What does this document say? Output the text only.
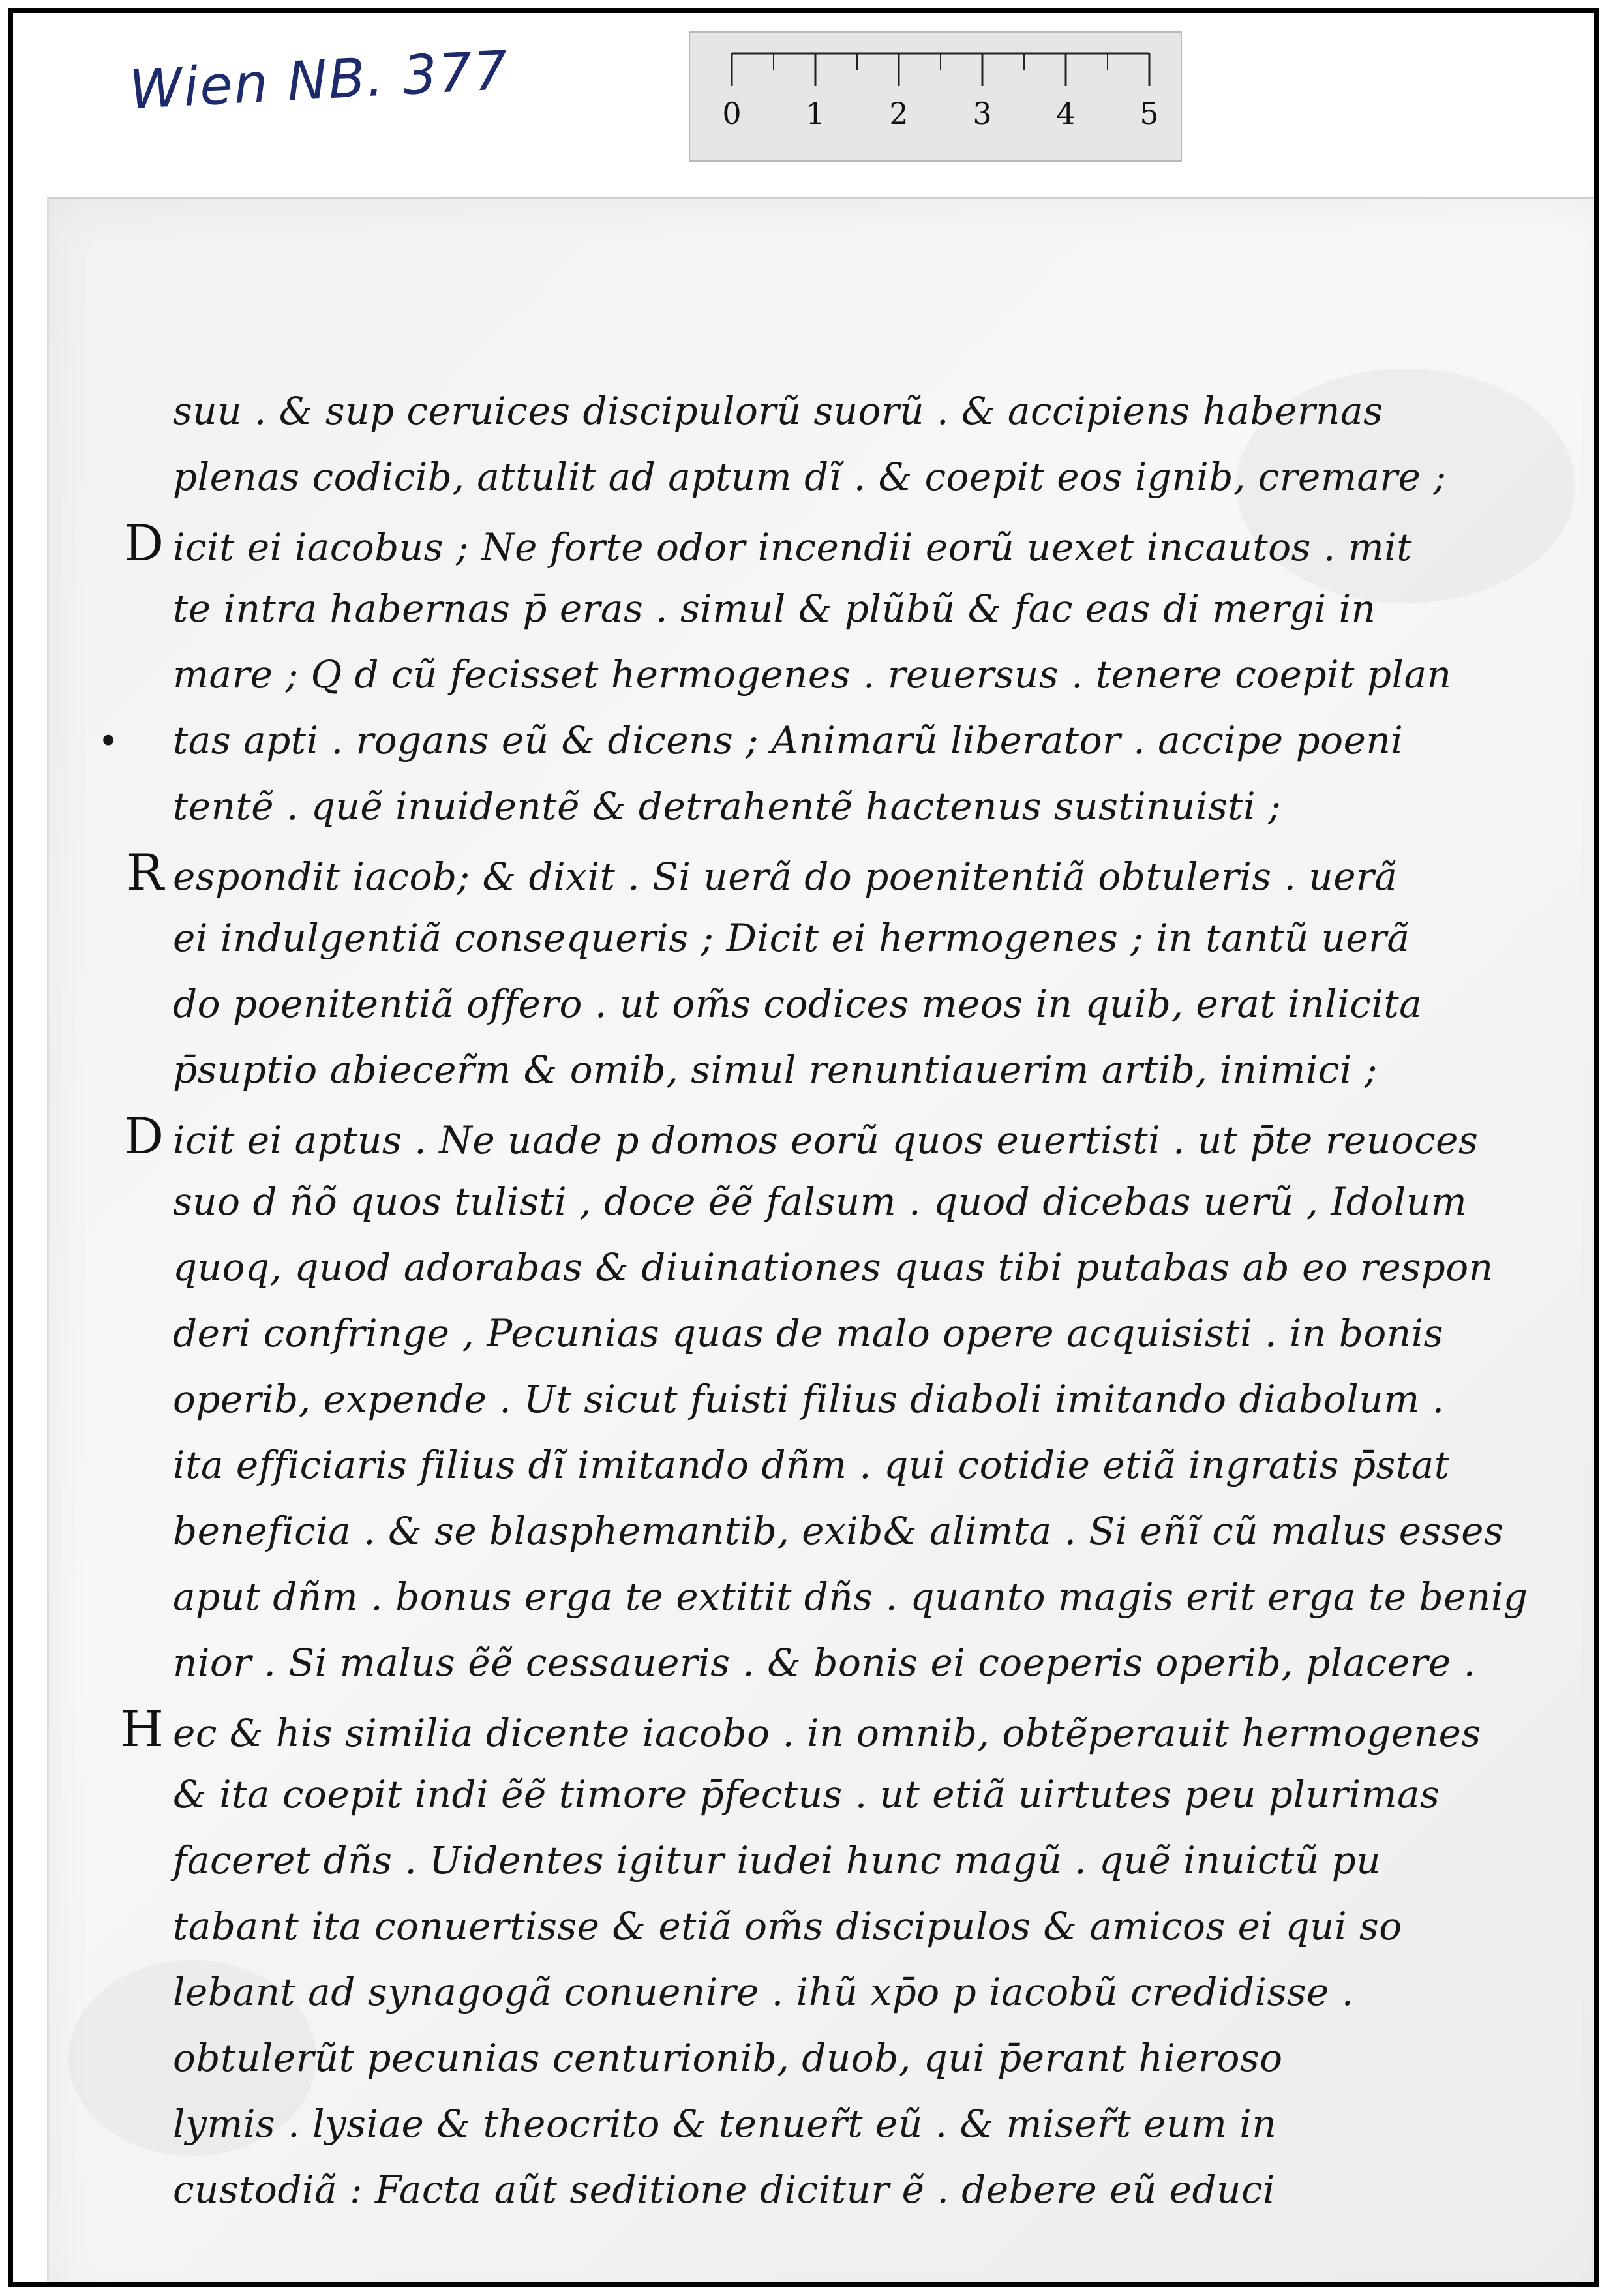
Wien NB. 377	0 1 2 3 4 5
suu . & sup ceruices discipulorũ suorũ . & accipiens habernas
plenas codicib, attulit ad aptum dĩ . & coepit eos ignib, cremare ;
D icit ei iacobus ; Ne forte odor incendii eorũ uexet incautos . mit
te intra habernas p̄ eras . simul & plũbũ & fac eas di mergi in
mare ; Q d cũ fecisset hermogenes . reuersus . tenere coepit plan
• tas apti . rogans eũ & dicens ; Animarũ liberator . accipe poeni
tentẽ . quẽ inuidentẽ & detrahentẽ hactenus sustinuisti ;
R espondit iacob; & dixit . Si uerã do poenitentiã obtuleris . uerã
ei indulgentiã consequeris ; Dicit ei hermogenes ; in tantũ uerã
do poenitentiã offero . ut om̃s codices meos in quib, erat inlicita
p̄suptio abiecer̃m & omib, simul renuntiauerim artib, inimici ;
D icit ei aptus . Ne uade p domos eorũ quos euertisti . ut p̄te reuoces
suo d ñõ quos tulisti , doce ẽẽ falsum . quod dicebas uerũ , Idolum
quoq, quod adorabas & diuinationes quas tibi putabas ab eo respon
deri confringe , Pecunias quas de malo opere acquisisti . in bonis
operib, expende . Ut sicut fuisti filius diaboli imitando diabolum .
ita efficiaris filius dĩ imitando dñm . qui cotidie etiã ingratis p̄stat
beneficia . & se blasphemantib, exib& alimta . Si eñĩ cũ malus esses
aput dñm . bonus erga te extitit dñs . quanto magis erit erga te benig
nior . Si malus ẽẽ cessaueris . & bonis ei coeperis operib, placere .
H ec & his similia dicente iacobo . in omnib, obtẽperauit hermogenes
& ita coepit indi ẽẽ timore p̄fectus . ut etiã uirtutes peu plurimas
faceret dñs . Uidentes igitur iudei hunc magũ . quẽ inuictũ pu
tabant ita conuertisse & etiã om̃s discipulos & amicos ei qui so
lebant ad synagogã conuenire . ihũ xp̄o p iacobũ credidisse .
obtulerũt pecunias centurionib, duob, qui p̄erant hieroso
lymis . lysiae & theocrito & tenuer̃t eũ . & miser̃t eum in
custodiã : Facta aũt seditione dicitur ẽ . debere eũ educi
